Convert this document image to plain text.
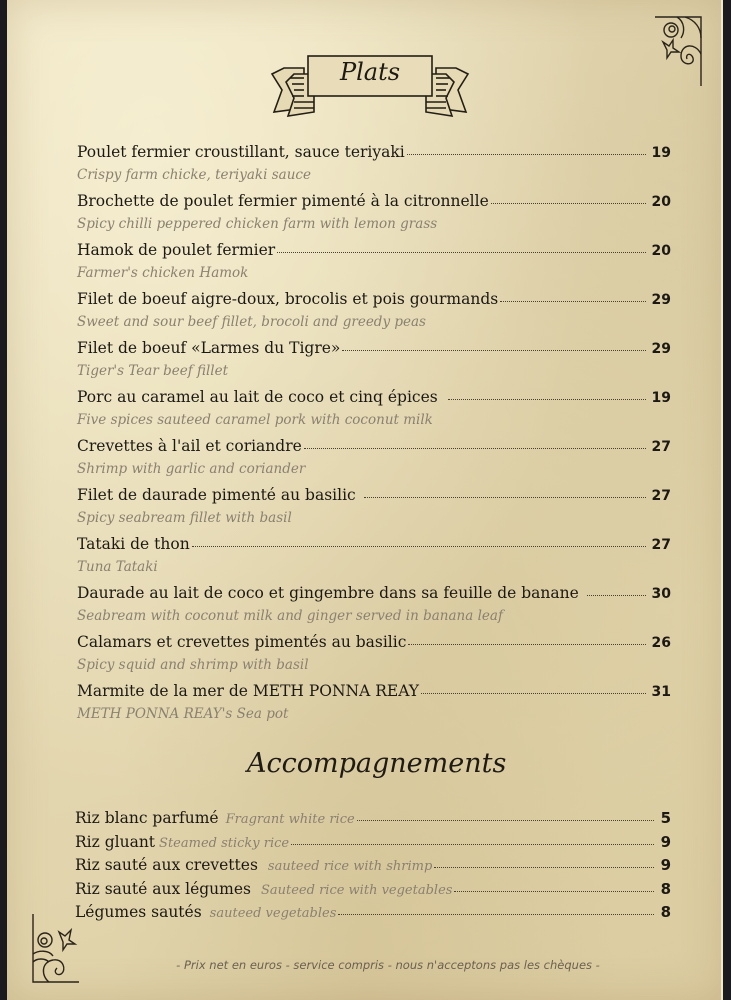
Plats
Poulet fermier croustillant, sauce teriyaki	19
Crispy farm chicke, teriyaki sauce
Brochette de poulet fermier pimenté à la citronnelle	20
Spicy chilli peppered chicken farm with lemon grass
Hamok de poulet fermier	20
Farmer's chicken Hamok
Filet de boeuf aigre-doux, brocolis et pois gourmands	29
Sweet and sour beef fillet, brocoli and greedy peas
Filet de boeuf «Larmes du Tigre»	29
Tiger's Tear beef fillet
Porc au caramel au lait de coco et cinq épices	19
Five spices sauteed caramel pork with coconut milk
Crevettes à l'ail et coriandre	27
Shrimp with garlic and coriander
Filet de daurade pimenté au basilic	27
Spicy seabream fillet with basil
Tataki de thon	27
Tuna Tataki
Daurade au lait de coco et gingembre dans sa feuille de banane	30
Seabream with coconut milk and ginger served in banana leaf
Calamars et crevettes pimentés au basilic	26
Spicy squid and shrimp with basil
Marmite de la mer de METH PONNA REAY	31
METH PONNA REAY's Sea pot
Accompagnements
Riz blanc parfumé Fragrant white rice	5
Riz gluant Steamed sticky rice	9
Riz sauté aux crevettes sauteed rice with shrimp	9
Riz sauté aux légumes Sauteed rice with vegetables	8
Légumes sautés sauteed vegetables	8
- Prix net en euros - service compris - nous n'acceptons pas les chèques -
